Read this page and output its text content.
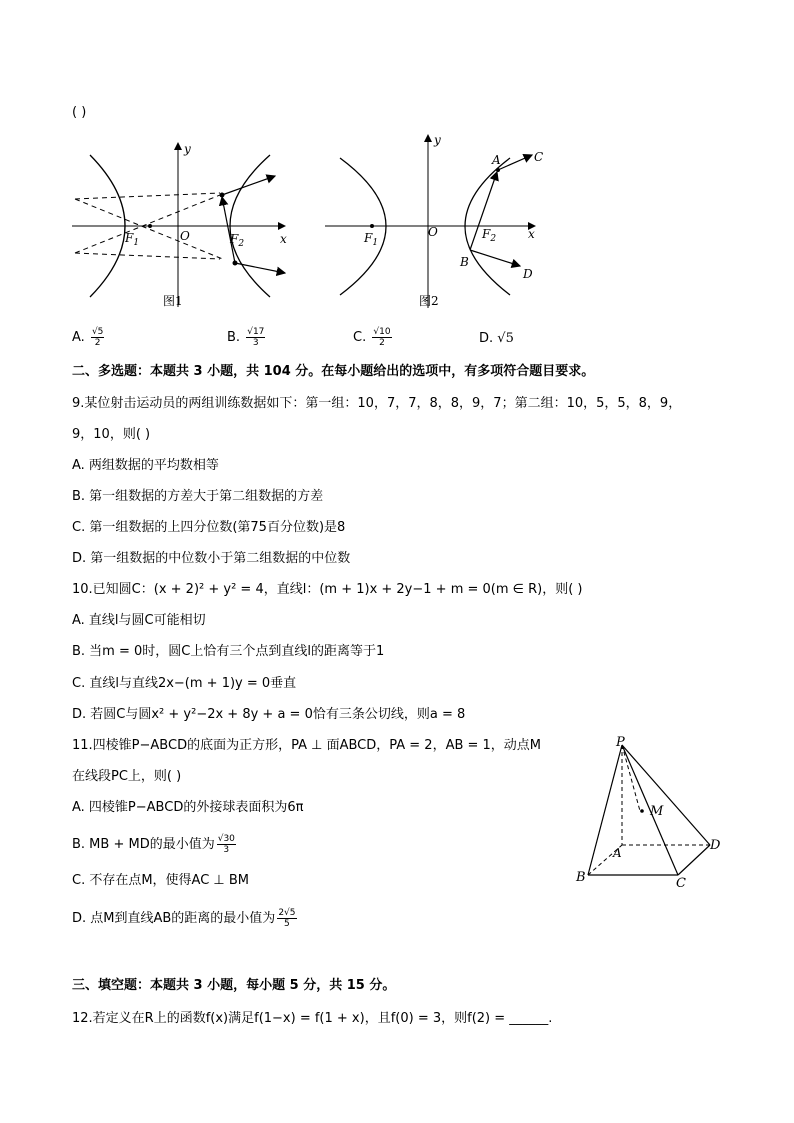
( )
y
x
O
$F_1$	$F_2$
图1
y
x
O
$F_1$
$F_2$
A	C
B
D
图2
A. $\frac{√5}{2}$	B. $\frac{√17}{3}$	C. $\frac{√10}{2}$	D. √5
二、多选题：本题共 3 小题，共 104 分。在每小题给出的选项中，有多项符合题目要求。
9.某位射击运动员的两组训练数据如下：第一组：10，7，7，8，8，9，7；第二组：10，5，5，8，9，
9，10，则( )
A. 两组数据的平均数相等
B. 第一组数据的方差大于第二组数据的方差
C. 第一组数据的上四分位数(第75百分位数)是8
D. 第一组数据的中位数小于第二组数据的中位数
10.已知圆C：(x + 2)² + y² = 4，直线l：(m + 1)x + 2y−1 + m = 0(m ∈ R)，则( )
A. 直线l与圆C可能相切
B. 当m = 0时，圆C上恰有三个点到直线l的距离等于1
C. 直线l与直线2x−(m + 1)y = 0垂直
D. 若圆C与圆x² + y²−2x + 8y + a = 0恰有三条公切线，则a = 8
11.四棱锥P−ABCD的底面为正方形，PA ⊥ 面ABCD，PA = 2，AB = 1，动点M
在线段PC上，则( )
A. 四棱锥P−ABCD的外接球表面积为6π
B. MB + MD的最小值为 $\frac{√30}{3}$
C. 不存在点M，使得AC ⊥ BM
D. 点M到直线AB的距离的最小值为 $\frac{2√5}{5}$
P
M
A
B	C
D
三、填空题：本题共 3 小题，每小题 5 分，共 15 分。
12.若定义在R上的函数f(x)满足f(1−x) = f(1 + x)，且f(0) = 3，则f(2) = ______.
